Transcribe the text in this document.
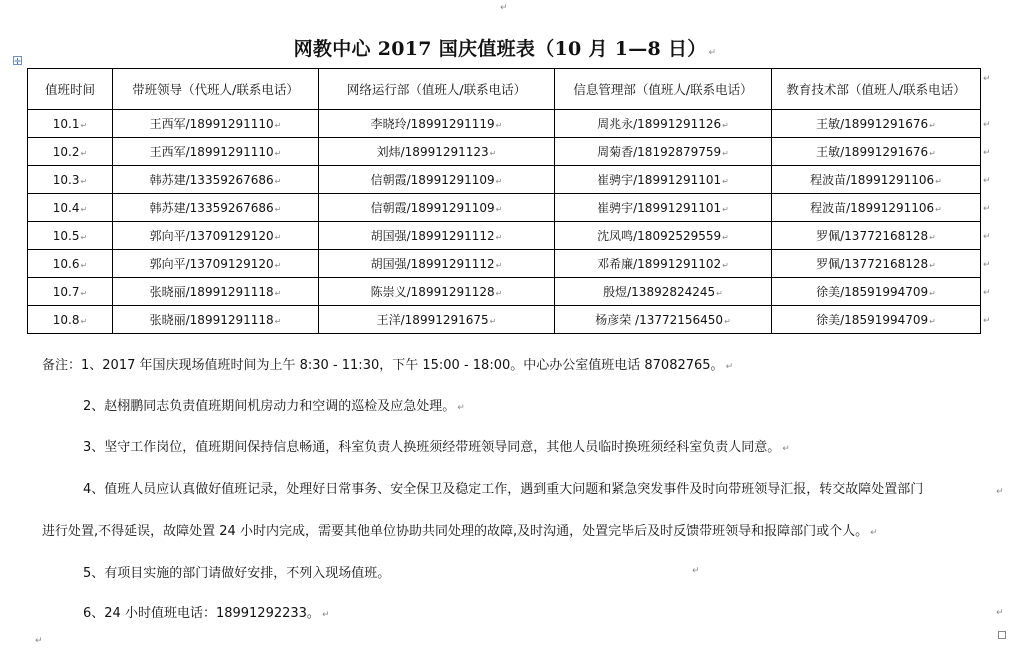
↵
✛
网教中心 2017 国庆值班表（10 月 1—8 日） ↵
值班时间	带班领导（代班人/联系电话）	网络运行部（值班人/联系电话）	信息管理部（值班人/联系电话）	教育技术部（值班人/联系电话）
10.1↵	王西军/18991291110↵	李晓玲/18991291119↵	周兆永/18991291126↵	王敏/18991291676↵
10.2↵	王西军/18991291110↵	刘炜/18991291123↵	周菊香/18192879759↵	王敏/18991291676↵
10.3↵	韩苏建/13359267686↵	信朝霞/18991291109↵	崔骋宇/18991291101↵	程波苗/18991291106↵
10.4↵	韩苏建/13359267686↵	信朝霞/18991291109↵	崔骋宇/18991291101↵	程波苗/18991291106↵
10.5↵	郭向平/13709129120↵	胡国强/18991291112↵	沈凤鸣/18092529559↵	罗佩/13772168128↵
10.6↵	郭向平/13709129120↵	胡国强/18991291112↵	邓希廉/18991291102↵	罗佩/13772168128↵
10.7↵	张晓丽/18991291118↵	陈崇义/18991291128↵	殷煜/13892824245↵	徐美/18591994709↵
10.8↵	张晓丽/18991291118↵	王洋/18991291675↵	杨彦荣 /13772156450↵	徐美/18591994709↵
↵
↵
↵
↵
↵
↵
↵
↵
↵
备注：1、2017 年国庆现场值班时间为上午 8:30 - 11:30，下午 15:00 - 18:00。中心办公室值班电话 87082765。 ↵
2、赵栩鹏同志负责值班期间机房动力和空调的巡检及应急处理。 ↵
3、坚守工作岗位，值班期间保持信息畅通，科室负责人换班须经带班领导同意，其他人员临时换班须经科室负责人同意。 ↵
4、值班人员应认真做好值班记录，处理好日常事务、安全保卫及稳定工作，遇到重大问题和紧急突发事件及时向带班领导汇报，转交故障处置部门
进行处置,不得延误，故障处置 24 小时内完成，需要其他单位协助共同处理的故障,及时沟通，处置完毕后及时反馈带班领导和报障部门或个人。 ↵
5、有项目实施的部门请做好安排，不列入现场值班。
6、24 小时值班电话：18991292233。 ↵
↵
↵
↵
↵
